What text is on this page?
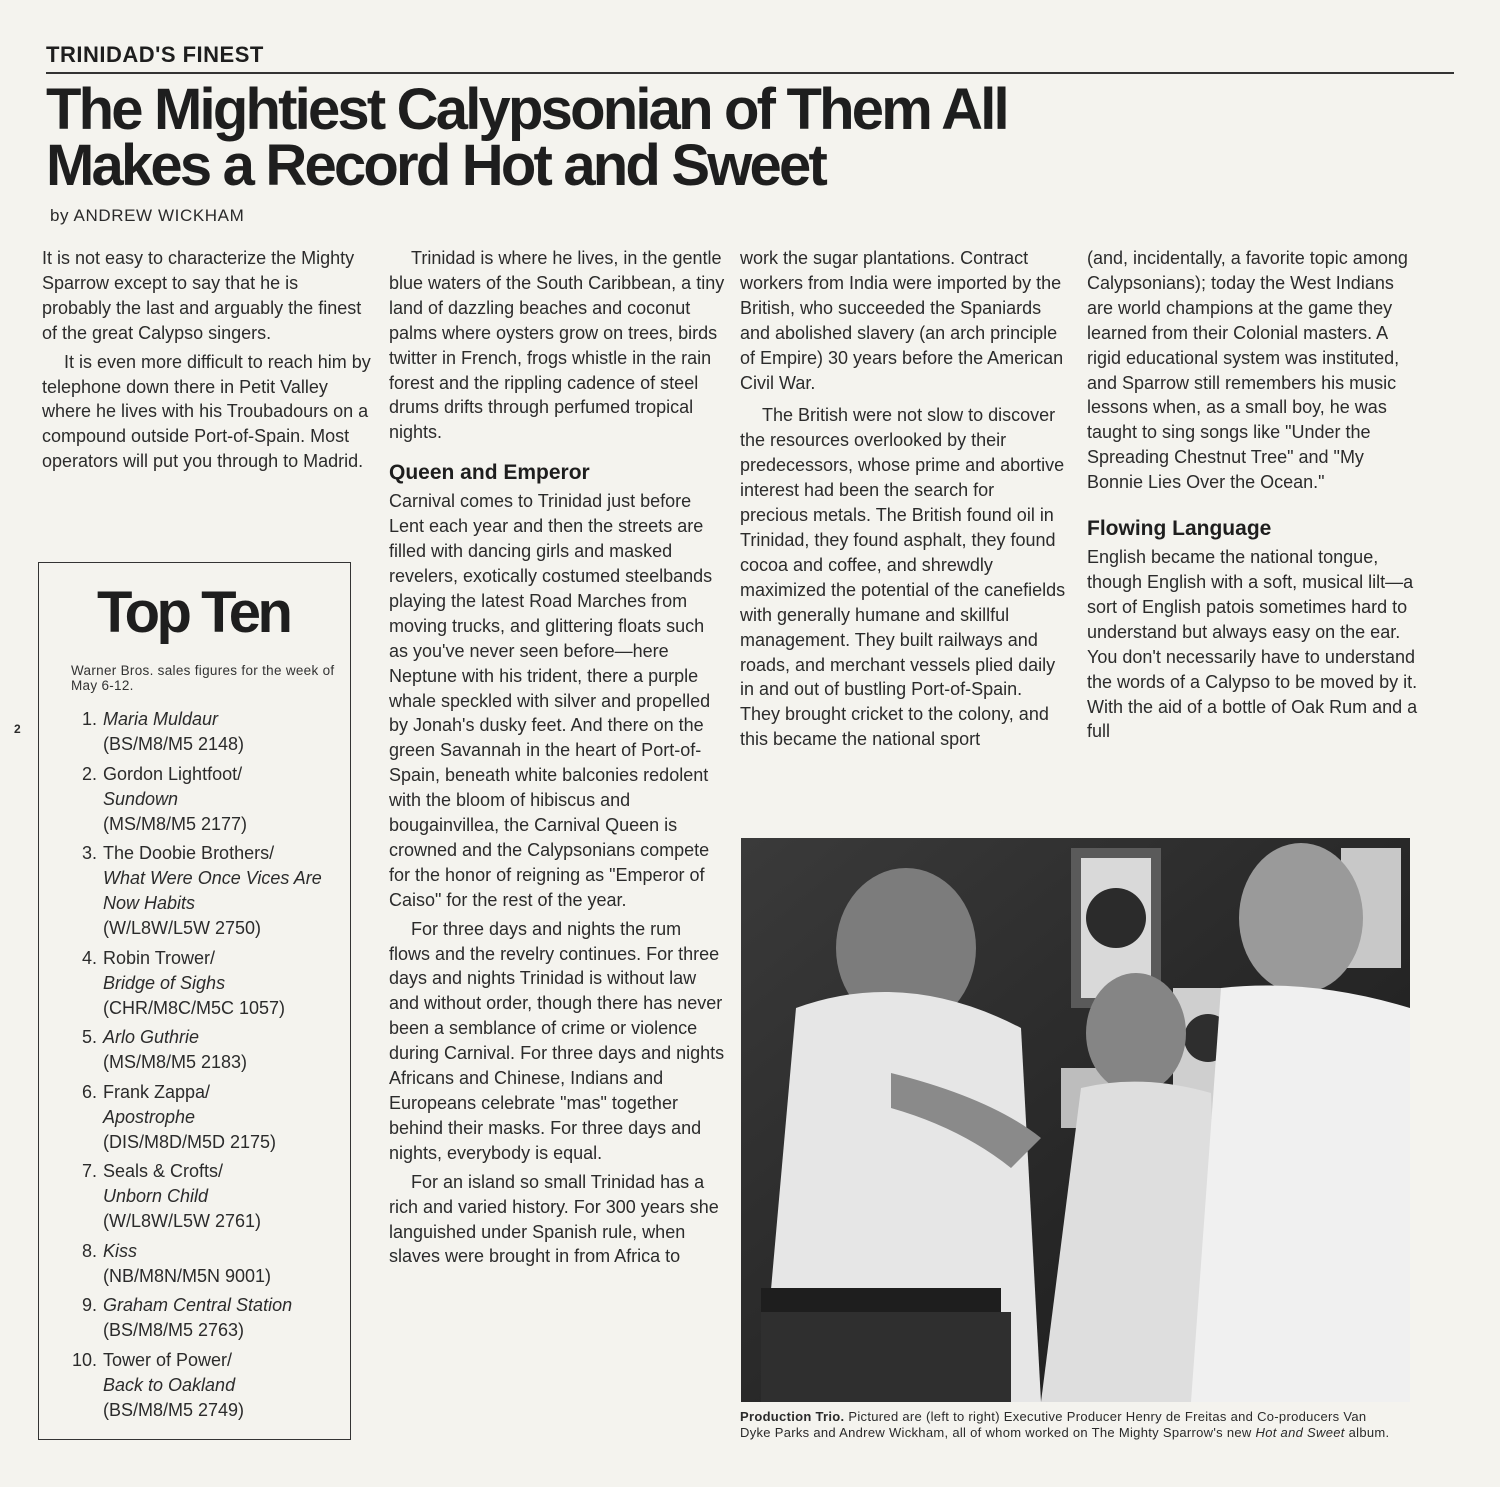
TRINIDAD'S FINEST
The Mightiest Calypsonian of Them All Makes a Record Hot and Sweet
by ANDREW WICKHAM
2

It is not easy to characterize the Mighty Sparrow except to say that he is probably the last and arguably the finest of the great Calypso singers.

It is even more difficult to reach him by telephone down there in Petit Valley where he lives with his Troubadours on a compound outside Port-of-Spain. Most operators will put you through to Madrid.

Top Ten
Warner Bros. sales figures for the week of May 6-12.
1. Maria Muldaur
(BS/M8/M5 2148)
2. Gordon Lightfoot/
Sundown
(MS/M8/M5 2177)
3. The Doobie Brothers/
What Were Once Vices Are Now Habits
(W/L8W/L5W 2750)
4. Robin Trower/
Bridge of Sighs
(CHR/M8C/M5C 1057)
5. Arlo Guthrie
(MS/M8/M5 2183)
6. Frank Zappa/
Apostrophe
(DIS/M8D/M5D 2175)
7. Seals & Crofts/
Unborn Child
(W/L8W/L5W 2761)
8. Kiss
(NB/M8N/M5N 9001)
9. Graham Central Station
(BS/M8/M5 2763)
10. Tower of Power/
Back to Oakland
(BS/M8/M5 2749)

Trinidad is where he lives, in the gentle blue waters of the South Caribbean, a tiny land of dazzling beaches and coconut palms where oysters grow on trees, birds twitter in French, frogs whistle in the rain forest and the rippling cadence of steel drums drifts through perfumed tropical nights.

Queen and Emperor

Carnival comes to Trinidad just before Lent each year and then the streets are filled with dancing girls and masked revelers, exotically costumed steelbands playing the latest Road Marches from moving trucks, and glittering floats such as you've never seen before—here Neptune with his trident, there a purple whale speckled with silver and propelled by Jonah's dusky feet. And there on the green Savannah in the heart of Port-of-Spain, beneath white balconies redolent with the bloom of hibiscus and bougainvillea, the Carnival Queen is crowned and the Calypsonians compete for the honor of reigning as "Emperor of Caiso" for the rest of the year.

For three days and nights the rum flows and the revelry continues. For three days and nights Trinidad is without law and without order, though there has never been a semblance of crime or violence during Carnival. For three days and nights Africans and Chinese, Indians and Europeans celebrate "mas" together behind their masks. For three days and nights, everybody is equal.

For an island so small Trinidad has a rich and varied history. For 300 years she languished under Spanish rule, when slaves were brought in from Africa to

work the sugar plantations. Contract workers from India were imported by the British, who succeeded the Spaniards and abolished slavery (an arch principle of Empire) 30 years before the American Civil War.

The British were not slow to discover the resources overlooked by their predecessors, whose prime and abortive interest had been the search for precious metals. The British found oil in Trinidad, they found asphalt, they found cocoa and coffee, and shrewdly maximized the potential of the canefields with generally humane and skillful management. They built railways and roads, and merchant vessels plied daily in and out of bustling Port-of-Spain. They brought cricket to the colony, and this became the national sport

(and, incidentally, a favorite topic among Calypsonians); today the West Indians are world champions at the game they learned from their Colonial masters. A rigid educational system was instituted, and Sparrow still remembers his music lessons when, as a small boy, he was taught to sing songs like "Under the Spreading Chestnut Tree" and "My Bonnie Lies Over the Ocean."

Flowing Language

English became the national tongue, though English with a soft, musical lilt—a sort of English patois sometimes hard to understand but always easy on the ear. You don't necessarily have to understand the words of a Calypso to be moved by it. With the aid of a bottle of Oak Rum and a full

Production Trio. Pictured are (left to right) Executive Producer Henry de Freitas and Co-producers Van Dyke Parks and Andrew Wickham, all of whom worked on The Mighty Sparrow's new Hot and Sweet album.
